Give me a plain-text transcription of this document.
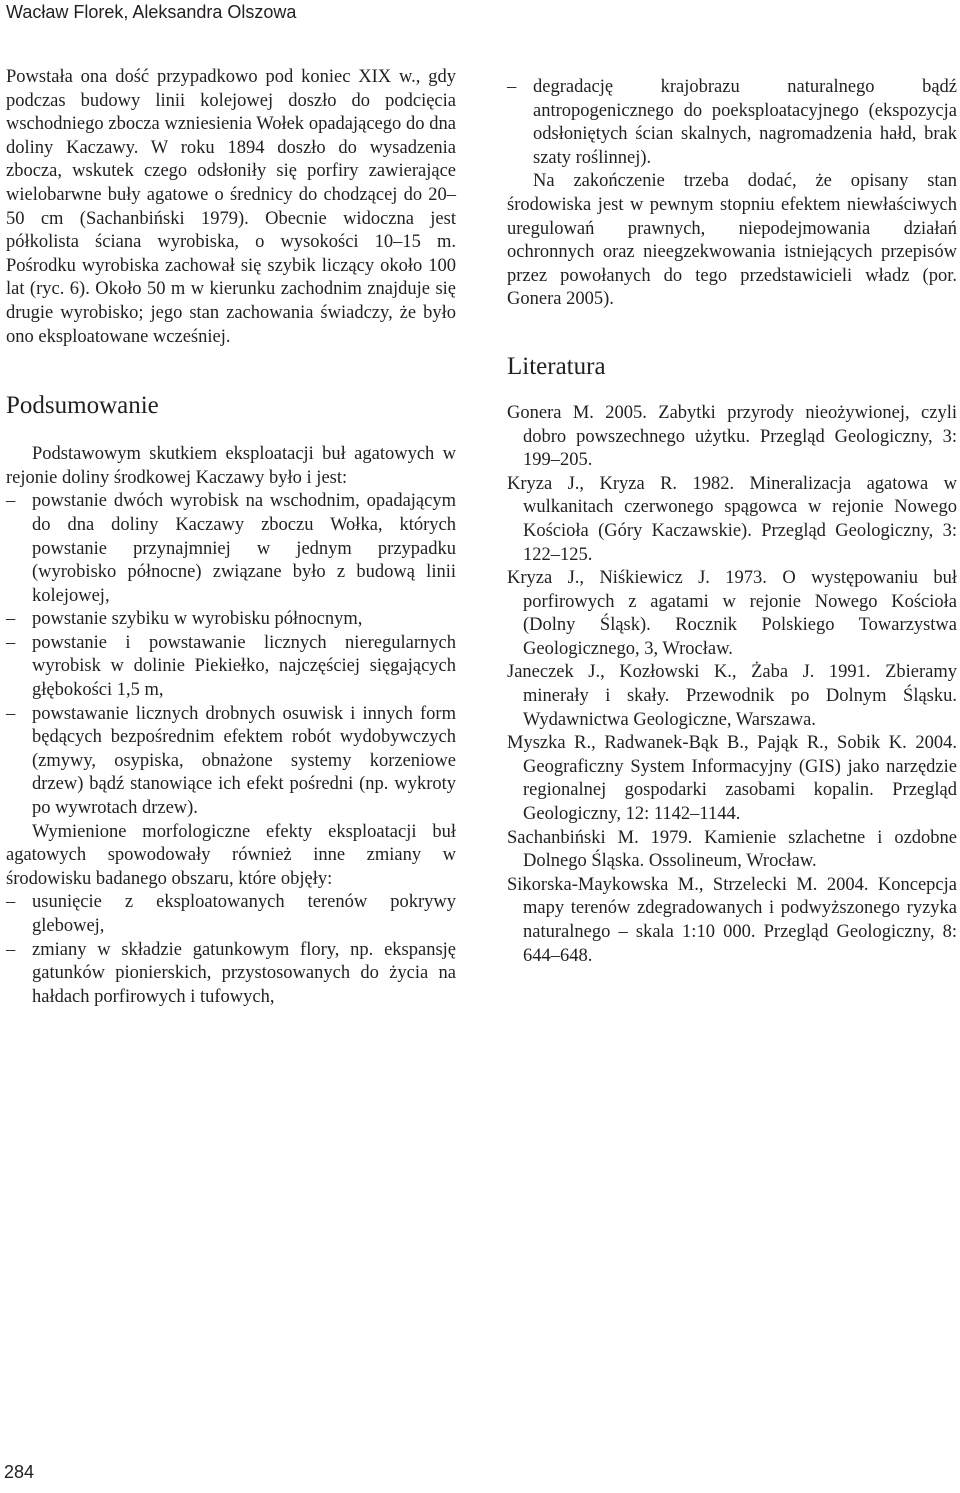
Wacław Florek, Aleksandra Olszowa

Powstała ona dość przypadkowo pod koniec XIX w., gdy podczas budowy linii kolejowej doszło do podcięcia wschodniego zbocza wzniesienia Wołek opadającego do dna doliny Kaczawy. W roku 1894 doszło do wysadzenia zbocza, wskutek czego odsłoniły się porfiry zawierające wielobarwne buły agatowe o średnicy do chodzącej do 20–50 cm (Sachanbiński 1979). Obecnie widoczna jest półkolista ściana wyrobiska, o wysokości 10–15 m. Pośrodku wyrobiska zachował się szybik liczący około 100 lat (ryc. 6). Około 50 m w kierunku zachodnim znajduje się drugie wyrobisko; jego stan zachowania świadczy, że było ono eksploatowane wcześniej.

Podsumowanie

Podstawowym skutkiem eksploatacji buł agatowych w rejonie doliny środkowej Kaczawy było i jest:

– powstanie dwóch wyrobisk na wschodnim, opadającym do dna doliny Kaczawy zboczu Wołka, których powstanie przynajmniej w jednym przypadku (wyrobisko północne) związane było z budową linii kolejowej,
– powstanie szybiku w wyrobisku północnym,
– powstanie i powstawanie licznych nieregularnych wyrobisk w dolinie Piekiełko, najczęściej sięgających głębokości 1,5 m,
– powstawanie licznych drobnych osuwisk i innych form będących bezpośrednim efektem robót wydobywczych (zmywy, osypiska, obnażone systemy korzeniowe drzew) bądź stanowiące ich efekt pośredni (np. wykroty po wywrotach drzew).

Wymienione morfologiczne efekty eksploatacji buł agatowych spowodowały również inne zmiany w środowisku badanego obszaru, które objęły:

– usunięcie z eksploatowanych terenów pokrywy glebowej,
– zmiany w składzie gatunkowym flory, np. ekspansję gatunków pionierskich, przystosowanych do życia na hałdach porfirowych i tufowych,
– degradację krajobrazu naturalnego bądź antropogenicznego do poeksploatacyjnego (ekspozycja odsłoniętych ścian skalnych, nagromadzenia hałd, brak szaty roślinnej).

Na zakończenie trzeba dodać, że opisany stan środowiska jest w pewnym stopniu efektem niewłaściwych uregulowań prawnych, niepodejmowania działań ochronnych oraz nieegzekwowania istniejących przepisów przez powołanych do tego przedstawicieli władz (por. Gonera 2005).

Literatura

Gonera M. 2005. Zabytki przyrody nieożywionej, czyli dobro powszechnego użytku. Przegląd Geologiczny, 3: 199–205.

Kryza J., Kryza R. 1982. Mineralizacja agatowa w wulkanitach czerwonego spągowca w rejonie Nowego Kościoła (Góry Kaczawskie). Przegląd Geologiczny, 3: 122–125.

Kryza J., Niśkiewicz J. 1973. O występowaniu buł porfirowych z agatami w rejonie Nowego Kościoła (Dolny Śląsk). Rocznik Polskiego Towarzystwa Geologicznego, 3, Wrocław.

Janeczek J., Kozłowski K., Żaba J. 1991. Zbieramy minerały i skały. Przewodnik po Dolnym Śląsku. Wydawnictwa Geologiczne, Warszawa.

Myszka R., Radwanek-Bąk B., Pająk R., Sobik K. 2004. Geograficzny System Informacyjny (GIS) jako narzędzie regionalnej gospodarki zasobami kopalin. Przegląd Geologiczny, 12: 1142–1144.

Sachanbiński M. 1979. Kamienie szlachetne i ozdobne Dolnego Śląska. Ossolineum, Wrocław.

Sikorska-Maykowska M., Strzelecki M. 2004. Koncepcja mapy terenów zdegradowanych i podwyższonego ryzyka naturalnego – skala 1:10 000. Przegląd Geologiczny, 8: 644–648.

284
